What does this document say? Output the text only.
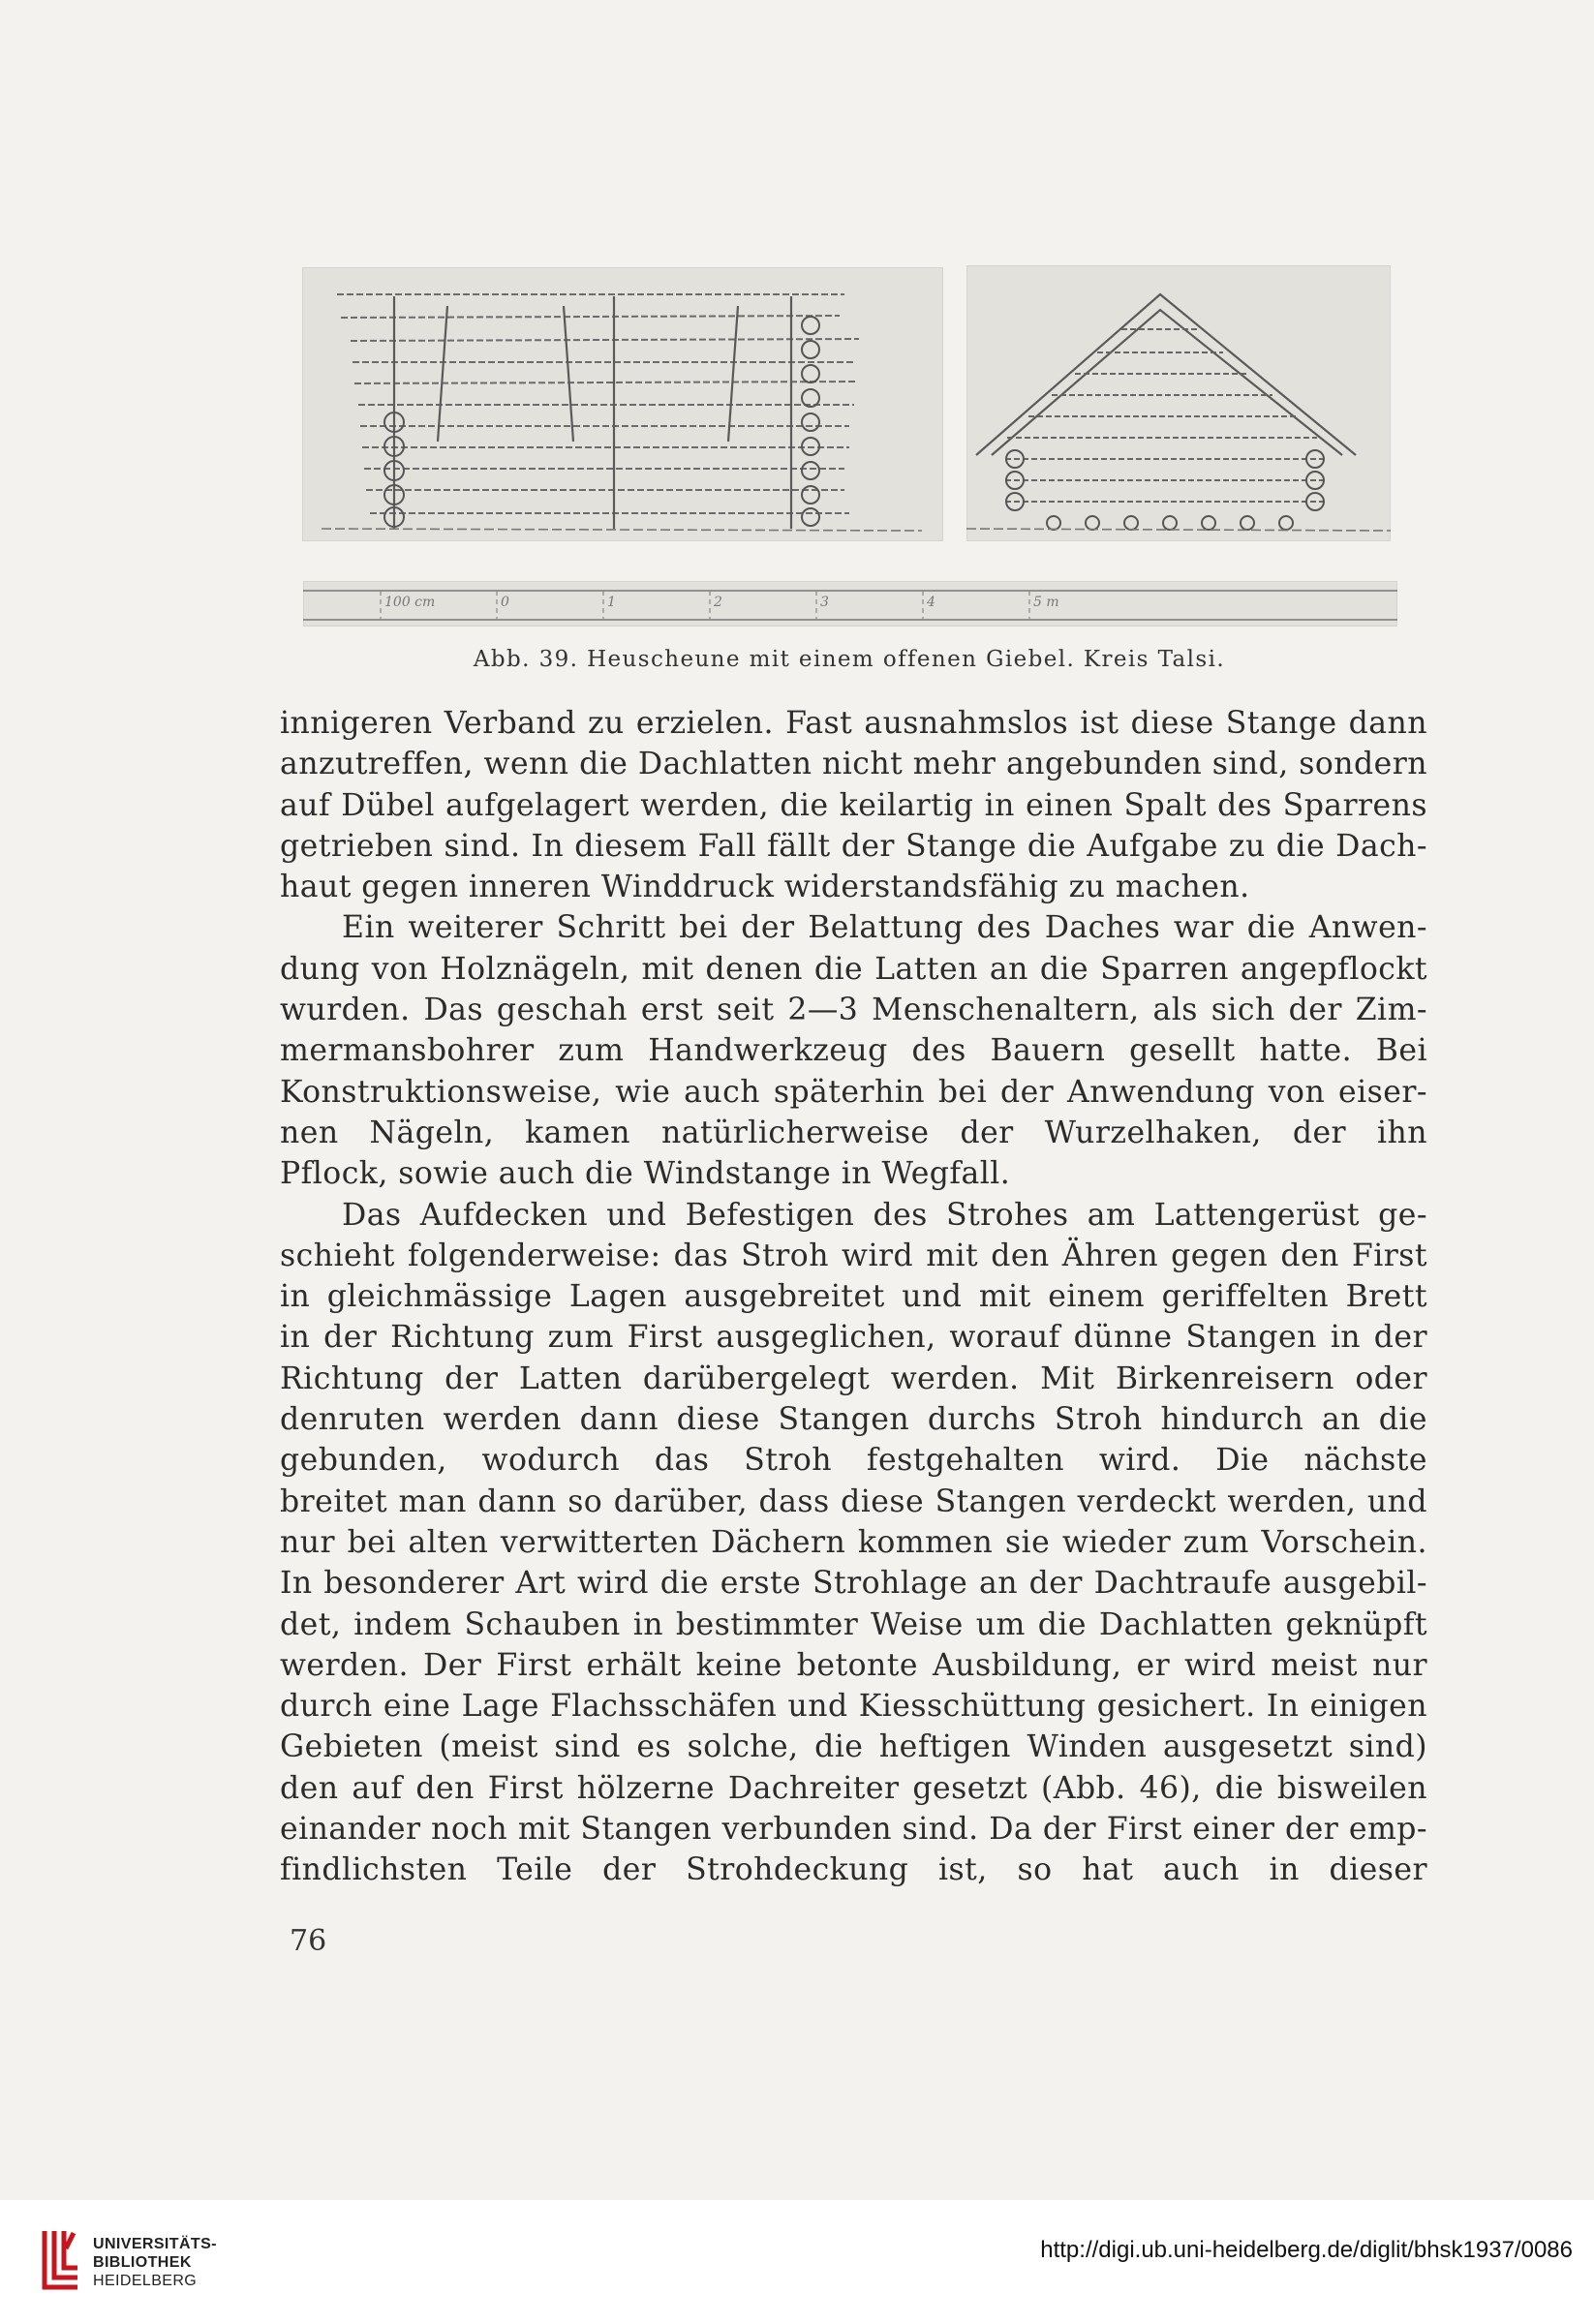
100 cm	0	1	2	3	4	5 m
Abb. 39. Heuscheune mit einem offenen Giebel. Kreis Talsi.
innigeren Verband zu erzielen. Fast ausnahmslos ist diese Stange dann
anzutreffen, wenn die Dachlatten nicht mehr angebunden sind, sondern
auf Dübel aufgelagert werden, die keilartig in einen Spalt des Sparrens
getrieben sind. In diesem Fall fällt der Stange die Aufgabe zu die Dach-
haut gegen inneren Winddruck widerstandsfähig zu machen.
Ein weiterer Schritt bei der Belattung des Daches war die Anwen-
dung von Holznägeln, mit denen die Latten an die Sparren angepflockt
wurden. Das geschah erst seit 2—3 Menschenaltern, als sich der Zim-
mermansbohrer zum Handwerkzeug des Bauern gesellt hatte. Bei
Konstruktionsweise, wie auch späterhin bei der Anwendung von eiser-
nen Nägeln, kamen natürlicherweise der Wurzelhaken, der ihn
Pflock, sowie auch die Windstange in Wegfall.
Das Aufdecken und Befestigen des Strohes am Lattengerüst ge-
schieht folgenderweise: das Stroh wird mit den Ähren gegen den First
in gleichmässige Lagen ausgebreitet und mit einem geriffelten Brett
in der Richtung zum First ausgeglichen, worauf dünne Stangen in der
Richtung der Latten darübergelegt werden. Mit Birkenreisern oder
denruten werden dann diese Stangen durchs Stroh hindurch an die
gebunden, wodurch das Stroh festgehalten wird. Die nächste
breitet man dann so darüber, dass diese Stangen verdeckt werden, und
nur bei alten verwitterten Dächern kommen sie wieder zum Vorschein.
In besonderer Art wird die erste Strohlage an der Dachtraufe ausgebil-
det, indem Schauben in bestimmter Weise um die Dachlatten geknüpft
werden. Der First erhält keine betonte Ausbildung, er wird meist nur
durch eine Lage Flachsschäfen und Kiesschüttung gesichert. In einigen
Gebieten (meist sind es solche, die heftigen Winden ausgesetzt sind)
den auf den First hölzerne Dachreiter gesetzt (Abb. 46), die bisweilen
einander noch mit Stangen verbunden sind. Da der First einer der emp-
findlichsten Teile der Strohdeckung ist, so hat auch in dieser
76
UNIVERSITÄTS-
BIBLIOTHEK
HEIDELBERG
http://digi.ub.uni-heidelberg.de/diglit/bhsk1937/0086
